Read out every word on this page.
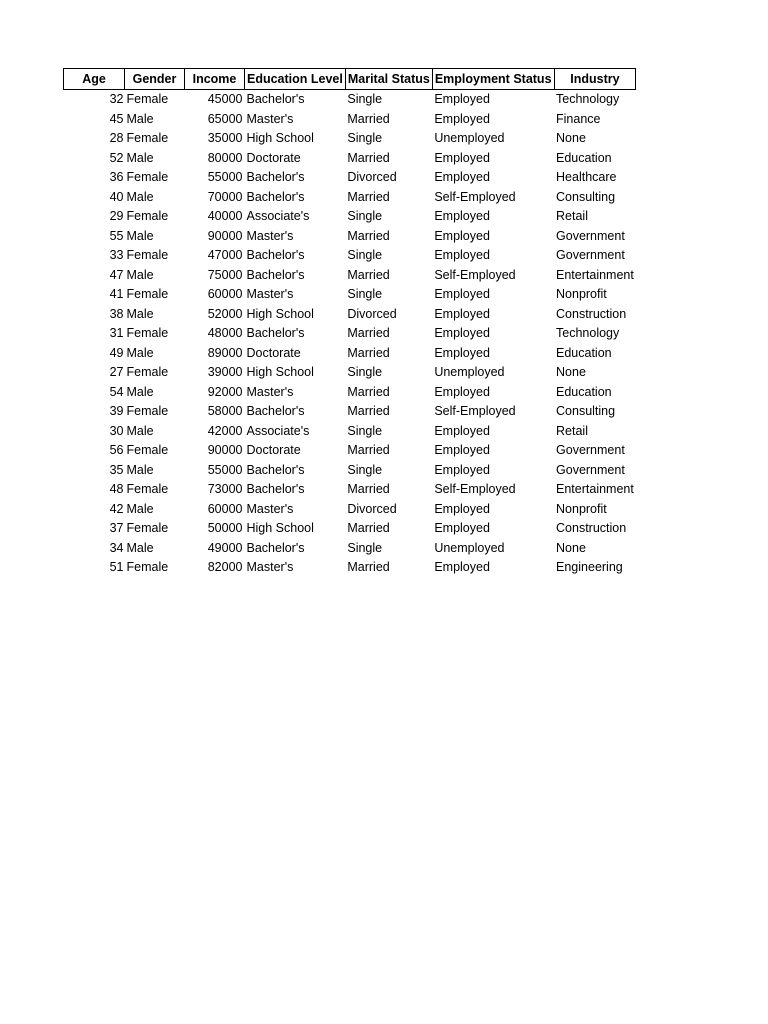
Age	Gender	Income	Education Level	Marital Status	Employment Status	Industry
32	Female	45000	Bachelor's	Single	Employed	Technology
45	Male	65000	Master's	Married	Employed	Finance
28	Female	35000	High School	Single	Unemployed	None
52	Male	80000	Doctorate	Married	Employed	Education
36	Female	55000	Bachelor's	Divorced	Employed	Healthcare
40	Male	70000	Bachelor's	Married	Self-Employed	Consulting
29	Female	40000	Associate's	Single	Employed	Retail
55	Male	90000	Master's	Married	Employed	Government
33	Female	47000	Bachelor's	Single	Employed	Government
47	Male	75000	Bachelor's	Married	Self-Employed	Entertainment
41	Female	60000	Master's	Single	Employed	Nonprofit
38	Male	52000	High School	Divorced	Employed	Construction
31	Female	48000	Bachelor's	Married	Employed	Technology
49	Male	89000	Doctorate	Married	Employed	Education
27	Female	39000	High School	Single	Unemployed	None
54	Male	92000	Master's	Married	Employed	Education
39	Female	58000	Bachelor's	Married	Self-Employed	Consulting
30	Male	42000	Associate's	Single	Employed	Retail
56	Female	90000	Doctorate	Married	Employed	Government
35	Male	55000	Bachelor's	Single	Employed	Government
48	Female	73000	Bachelor's	Married	Self-Employed	Entertainment
42	Male	60000	Master's	Divorced	Employed	Nonprofit
37	Female	50000	High School	Married	Employed	Construction
34	Male	49000	Bachelor's	Single	Unemployed	None
51	Female	82000	Master's	Married	Employed	Engineering
